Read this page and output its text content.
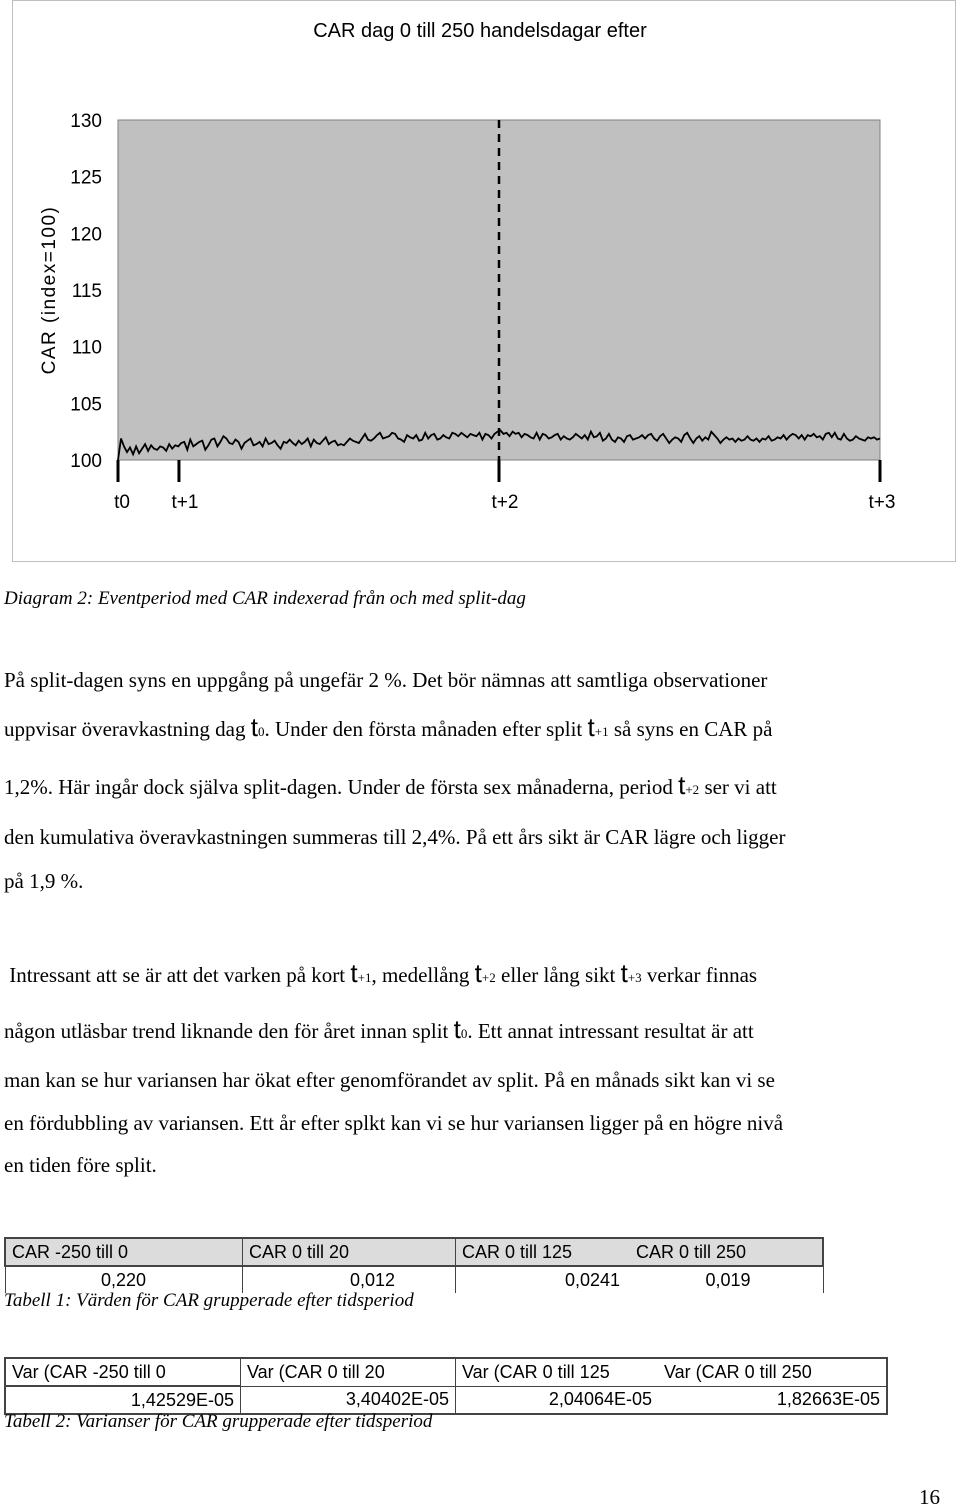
CAR dag 0 till 250 handelsdagar efter
CAR (index=100)
130
125
120
115
110
105
100
t0 t+1	t+2	t+3
Diagram 2: Eventperiod med CAR indexerad från och med split-dag
På split-dagen syns en uppgång på ungefär 2 %. Det bör nämnas att samtliga observationer
uppvisar överavkastning dag t0. Under den första månaden efter split t+1 så syns en CAR på
1,2%. Här ingår dock själva split-dagen. Under de första sex månaderna, period t+2 ser vi att
den kumulativa överavkastningen summeras till 2,4%. På ett års sikt är CAR lägre och ligger
på 1,9 %.
Intressant att se är att det varken på kort t+1, medellång t+2 eller lång sikt t+3 verkar finnas
någon utläsbar trend liknande den för året innan split t0. Ett annat intressant resultat är att
man kan se hur variansen har ökat efter genomförandet av split. På en månads sikt kan vi se
en fördubbling av variansen. Ett år efter splkt kan vi se hur variansen ligger på en högre nivå
en tiden före split.
CAR -250 till 0	CAR 0 till 20	CAR 0 till 125	CAR 0 till 250
0,220	0,012	0,0241	0,019
Tabell 1: Värden för CAR grupperade efter tidsperiod
Var (CAR -250 till 0	Var (CAR 0 till 20	Var (CAR 0 till 125	Var (CAR 0 till 250
1,42529E-05	3,40402E-05	2,04064E-05	1,82663E-05
Tabell 2: Varianser för CAR grupperade efter tidsperiod
16
